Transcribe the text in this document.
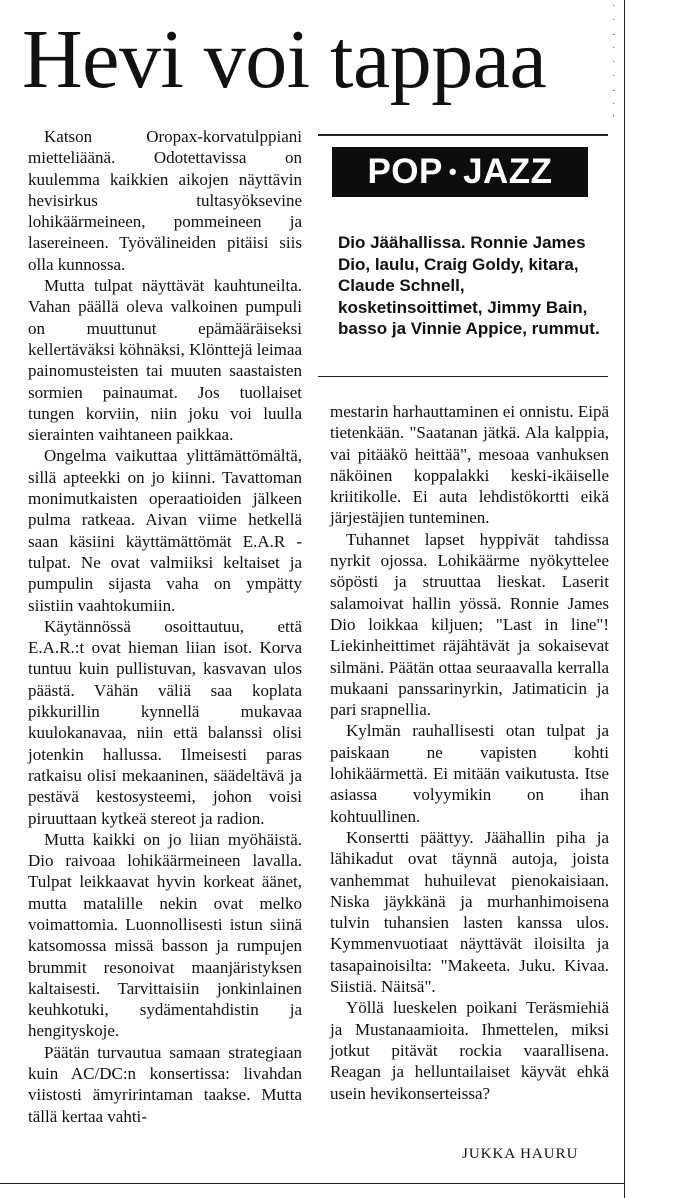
·
·
-
·
·
·
-
·
‘
Hevi voi tappaa
POP • JAZZ

Dio Jäähallissa. Ronnie James Dio, laulu, Craig Goldy, kitara, Claude Schnell, kosketinsoittimet, Jimmy Bain, basso ja Vinnie Appice, rummut.

Katson Oropax-korvatulppiani mietteliäänä. Odotettavissa on kuulemma kaikkien aikojen näyttävin hevisirkus tultasyöksevine lohikäärmeineen, pommeineen ja lasereineen. Työvälineiden pitäisi siis olla kunnossa.

Mutta tulpat näyttävät kauhtuneilta. Vahan päällä oleva valkoinen pumpuli on muuttunut epämääräiseksi kellertäväksi köhnäksi, Klönttejä leimaa painomusteisten tai muuten saastaisten sormien painaumat. Jos tuollaiset tungen korviin, niin joku voi luulla sierainten vaihtaneen paikkaa.

Ongelma vaikuttaa ylittämättömältä, sillä apteekki on jo kiinni. Tavattoman monimutkaisten operaatioiden jälkeen pulma ratkeaa. Aivan viime hetkellä saan käsiini käyttämättömät E.A.R -tulpat. Ne ovat valmiiksi keltaiset ja pumpulin sijasta vaha on ympätty siistiin vaahtokumiin.

Käytännössä osoittautuu, että E.A.R.:t ovat hieman liian isot. Korva tuntuu kuin pullistuvan, kasvavan ulos päästä. Vähän väliä saa koplata pikkurillin kynnellä mukavaa kuulokanavaa, niin että balanssi olisi jotenkin hallussa. Ilmeisesti paras ratkaisu olisi mekaaninen, säädeltävä ja pestävä kestosysteemi, johon voisi piruuttaan kytkeä stereot ja radion.

Mutta kaikki on jo liian myöhäistä. Dio raivoaa lohikäärmeineen lavalla. Tulpat leikkaavat hyvin korkeat äänet, mutta matalille nekin ovat melko voimattomia. Luonnollisesti istun siinä katsomossa missä basson ja rumpujen brummit resonoivat maanjäristyksen kaltaisesti. Tarvittaisiin jonkinlainen keuhkotuki, sydämentahdistin ja hengityskoje.

Päätän turvautua samaan strategiaan kuin AC/DC:n konsertissa: livahdan viistosti ämyririntaman taakse. Mutta tällä kertaa vahti-

mestarin harhauttaminen ei onnistu. Eipä tietenkään. "Saatanan jätkä. Ala kalppia, vai pitääkö heittää", mesoaa vanhuksen näköinen koppalakki keski-ikäiselle kriitikolle. Ei auta lehdistökortti eikä järjestäjien tunteminen.

Tuhannet lapset hyppivät tahdissa nyrkit ojossa. Lohikäärme nyökyttelee söpösti ja struuttaa lieskat. Laserit salamoivat hallin yössä. Ronnie James Dio loikkaa kiljuen; "Last in line"! Liekinheittimet räjähtävät ja sokaisevat silmäni. Päätän ottaa seuraavalla kerralla mukaani panssarinyrkin, Jatimaticin ja pari srapnellia.

Kylmän rauhallisesti otan tulpat ja paiskaan ne vapisten kohti lohikäärmettä. Ei mitään vaikutusta. Itse asiassa volyymikin on ihan kohtuullinen.

Konsertti päättyy. Jäähallin piha ja lähikadut ovat täynnä autoja, joista vanhemmat huhuilevat pienokaisiaan. Niska jäykkänä ja murhanhimoisena tulvin tuhansien lasten kanssa ulos. Kymmenvuotiaat näyttävät iloisilta ja tasapainoisilta: "Makeeta. Juku. Kivaa. Siistiä. Näitsä".

Yöllä lueskelen poikani Teräsmiehiä ja Mustanaamioita. Ihmettelen, miksi jotkut pitävät rockia vaarallisena. Reagan ja helluntailaiset käyvät ehkä usein hevikonserteissa?

JUKKA HAURU
